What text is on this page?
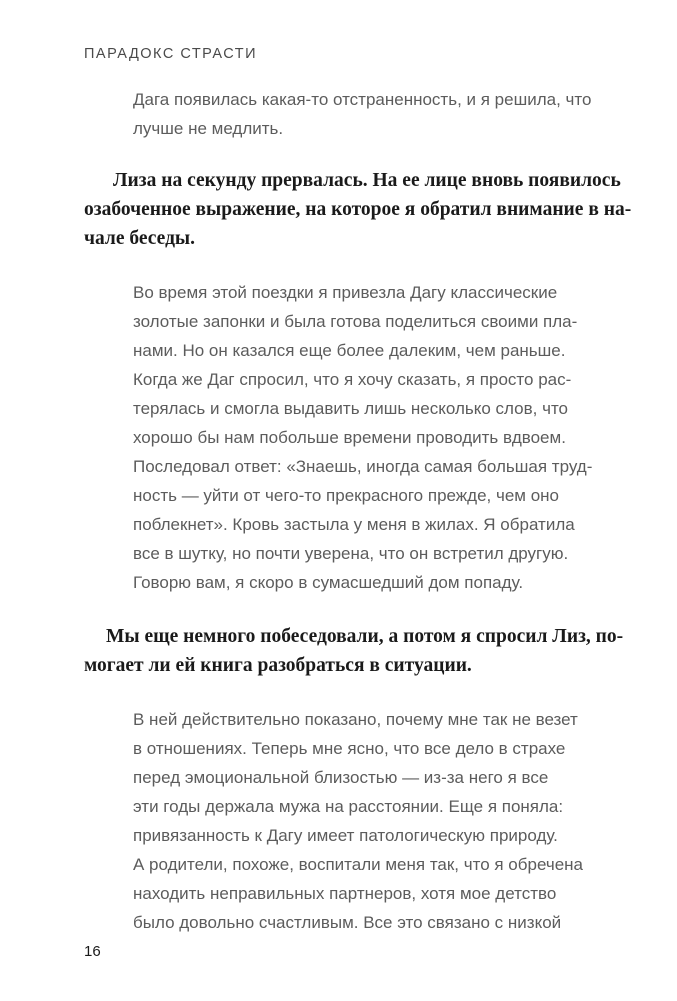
ПАРАДОКС СТРАСТИ
Дага появилась какая-то отстраненность, и я решила, что
лучше не медлить.
Лиза на секунду прервалась. На ее лице вновь появилось
озабоченное выражение, на которое я обратил внимание в на-
чале беседы.
Во время этой поездки я привезла Дагу классические
золотые запонки и была готова поделиться своими пла-
нами. Но он казался еще более далеким, чем раньше.
Когда же Даг спросил, что я хочу сказать, я просто рас-
терялась и смогла выдавить лишь несколько слов, что
хорошо бы нам побольше времени проводить вдвоем.
Последовал ответ: «Знаешь, иногда самая большая труд-
ность — уйти от чего-то прекрасного прежде, чем оно
поблекнет». Кровь застыла у меня в жилах. Я обратила
все в шутку, но почти уверена, что он встретил другую.
Говорю вам, я скоро в сумасшедший дом попаду.
Мы еще немного побеседовали, а потом я спросил Лиз, по-
могает ли ей книга разобраться в ситуации.
В ней действительно показано, почему мне так не везет
в отношениях. Теперь мне ясно, что все дело в страхе
перед эмоциональной близостью — из-за него я все
эти годы держала мужа на расстоянии. Еще я поняла:
привязанность к Дагу имеет патологическую природу.
А родители, похоже, воспитали меня так, что я обречена
находить неправильных партнеров, хотя мое детство
было довольно счастливым. Все это связано с низкой
16
